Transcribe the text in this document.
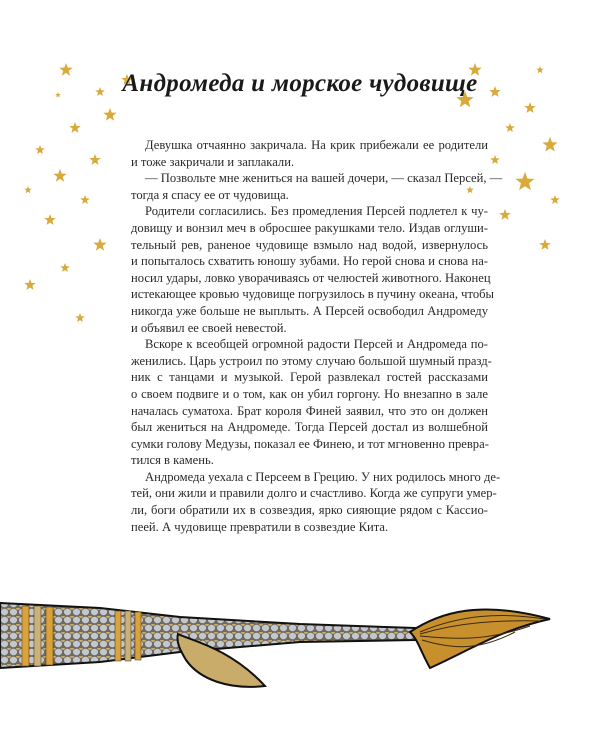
Андромеда и морское чудовище
Девушка отчаянно закричала. На крик прибежали ее родители
и тоже закричали и заплакали.
— Позвольте мне жениться на вашей дочери, — сказал Персей, —
тогда я спасу ее от чудовища.
Родители согласились. Без промедления Персей подлетел к чу-
довищу и вонзил меч в обросшее ракушками тело. Издав оглуши-
тельный рев, раненое чудовище взмыло над водой, извернулось
и попыталось схватить юношу зубами. Но герой снова и снова на-
носил удары, ловко уворачиваясь от челюстей животного. Наконец
истекающее кровью чудовище погрузилось в пучину океана, чтобы
никогда уже больше не выплыть. А Персей освободил Андромеду
и объявил ее своей невестой.
Вскоре к всеобщей огромной радости Персей и Андромеда по-
женились. Царь устроил по этому случаю большой шумный празд-
ник с танцами и музыкой. Герой развлекал гостей рассказами
о своем подвиге и о том, как он убил горгону. Но внезапно в зале
началась суматоха. Брат короля Финей заявил, что это он должен
был жениться на Андромеде. Тогда Персей достал из волшебной
сумки голову Медузы, показал ее Финею, и тот мгновенно превра-
тился в камень.
Андромеда уехала с Персеем в Грецию. У них родилось много де-
тей, они жили и правили долго и счастливо. Когда же супруги умер-
ли, боги обратили их в созвездия, ярко сияющие рядом с Кассио-
пеей. А чудовище превратили в созвездие Кита.
